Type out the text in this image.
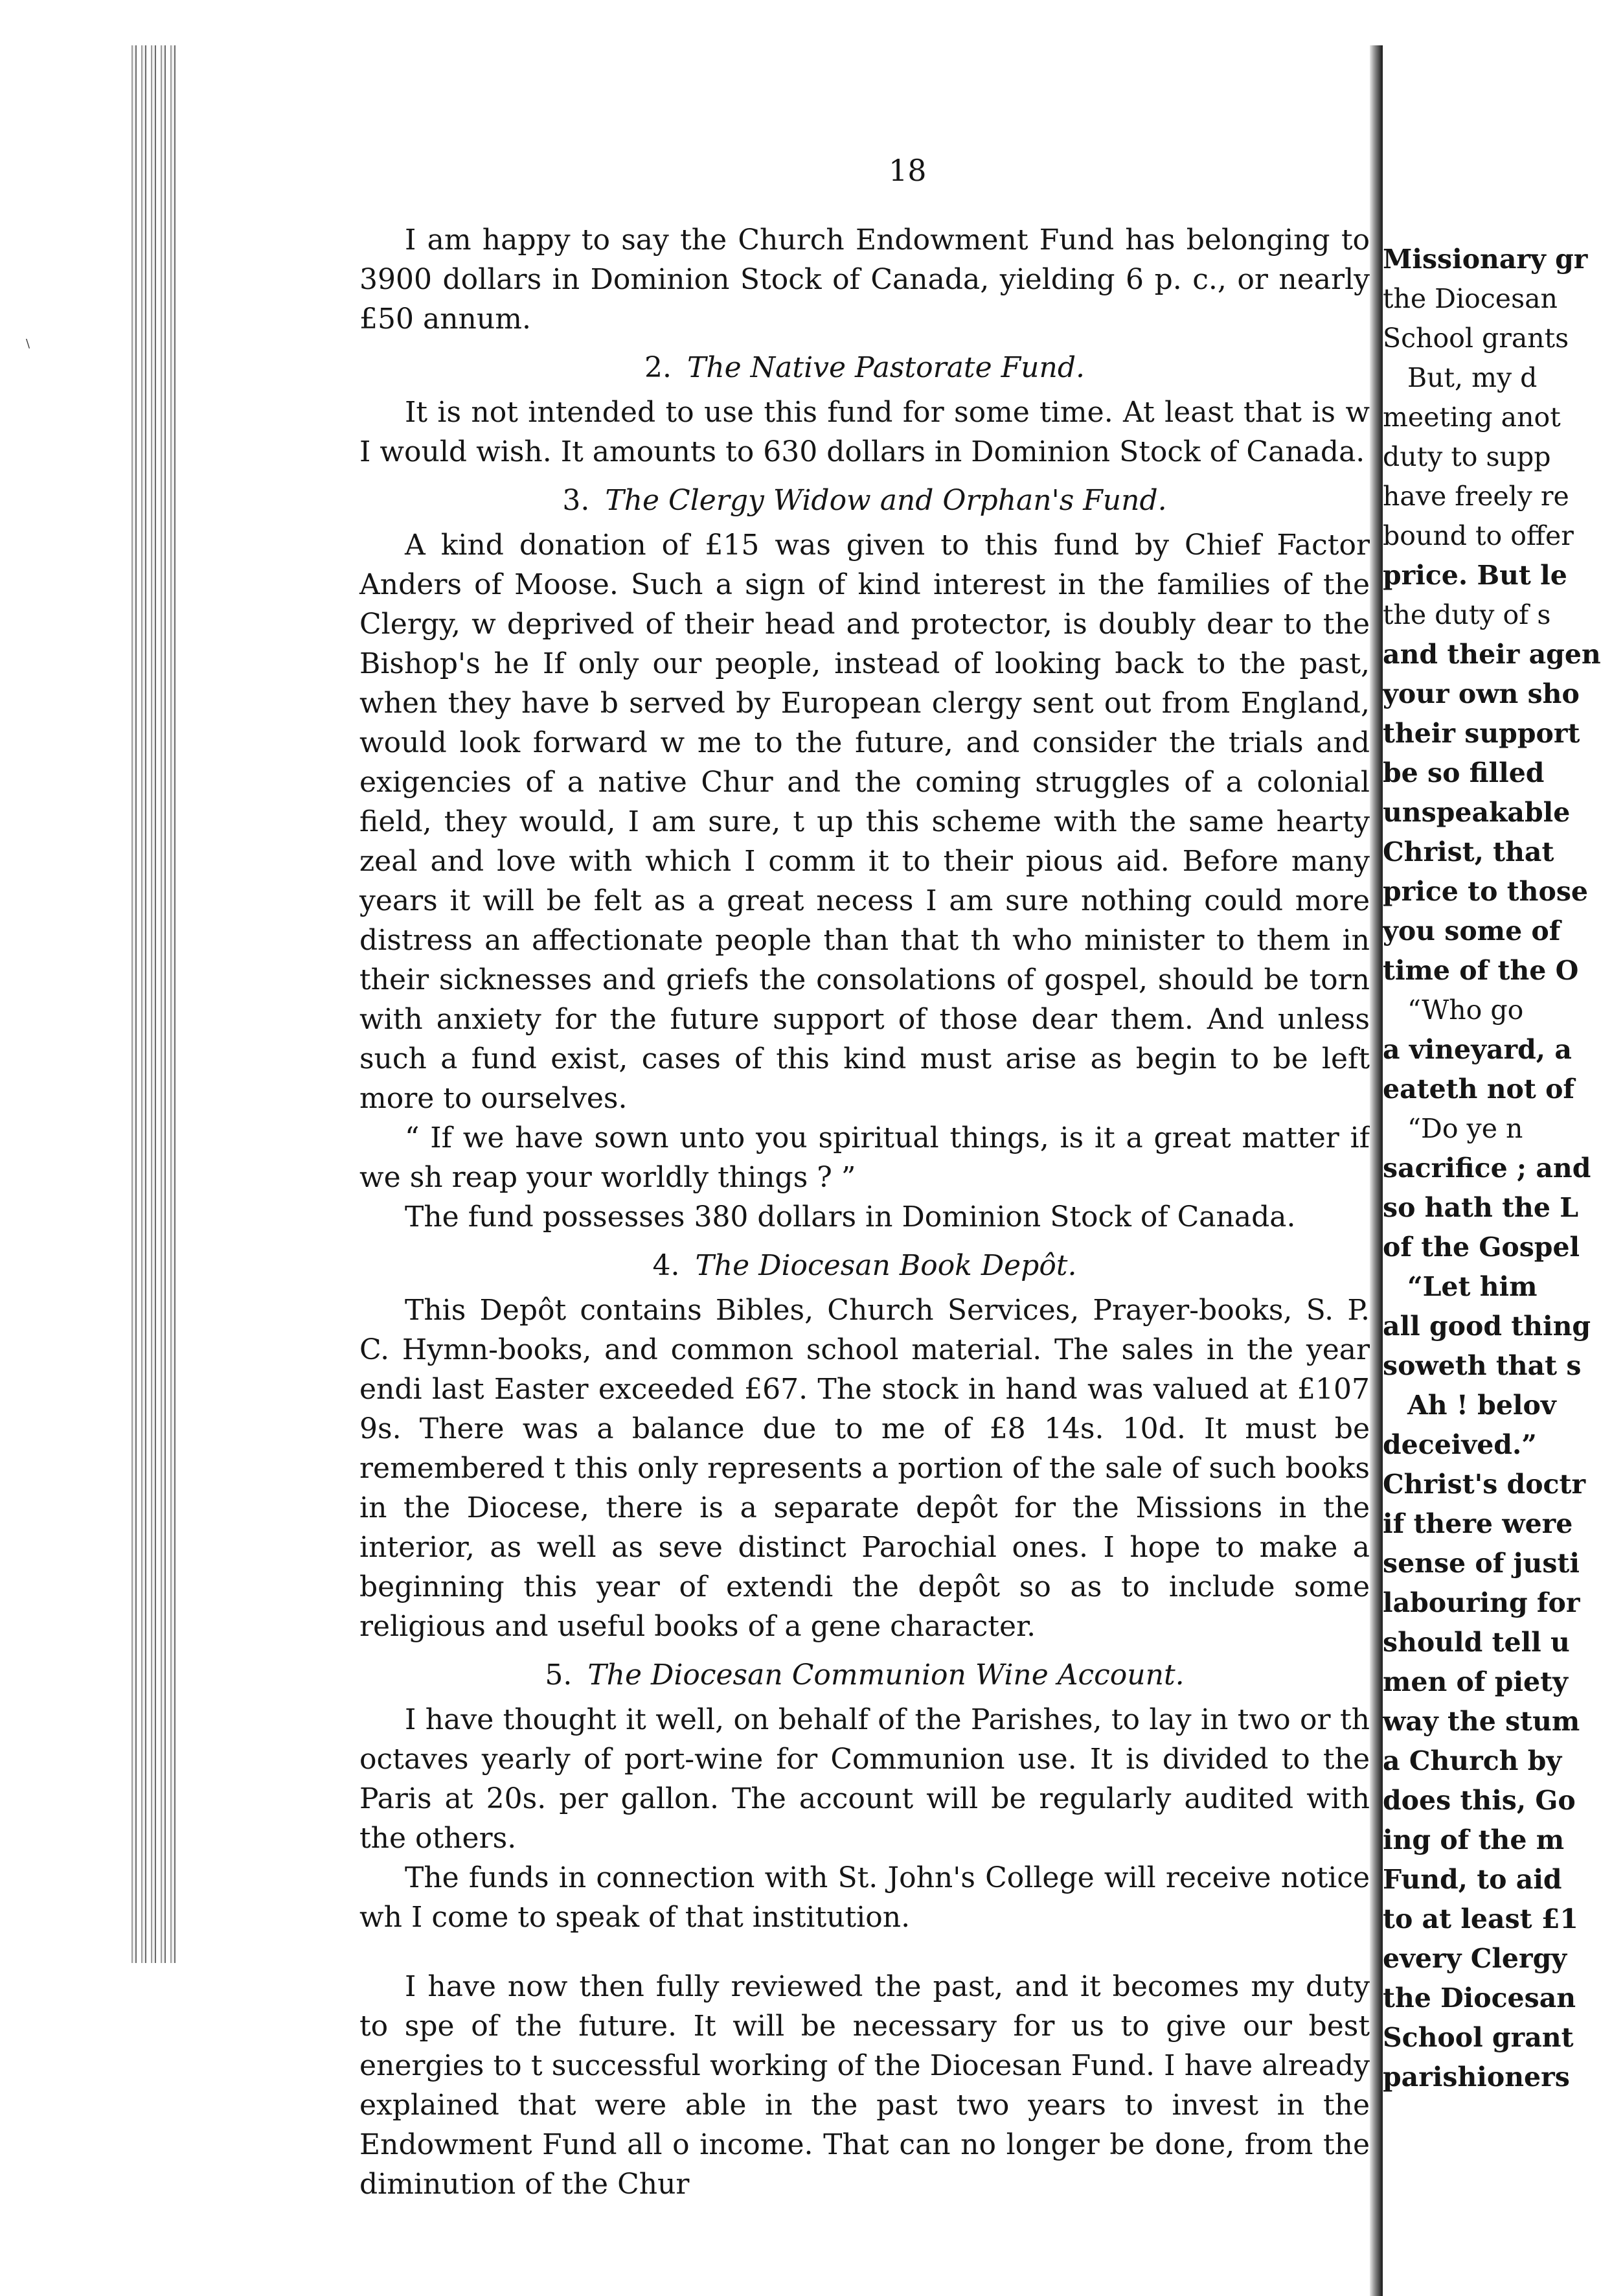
\
18

I am happy to say the Church Endowment Fund has belonging to 3900 dollars in Dominion Stock of Canada, yielding 6 p. c., or nearly £50 annum.

2. The Native Pastorate Fund.

It is not intended to use this fund for some time. At least that is w I would wish. It amounts to 630 dollars in Dominion Stock of Canada.

3. The Clergy Widow and Orphan's Fund.

A kind donation of £15 was given to this fund by Chief Factor Anders of Moose. Such a sign of kind interest in the families of the Clergy, w deprived of their head and protector, is doubly dear to the Bishop's he If only our people, instead of looking back to the past, when they have b served by European clergy sent out from England, would look forward w me to the future, and consider the trials and exigencies of a native Chur and the coming struggles of a colonial field, they would, I am sure, t up this scheme with the same hearty zeal and love with which I comm it to their pious aid. Before many years it will be felt as a great necess I am sure nothing could more distress an affectionate people than that th who minister to them in their sicknesses and griefs the consolations of gospel, should be torn with anxiety for the future support of those dear them. And unless such a fund exist, cases of this kind must arise as begin to be left more to ourselves.

“ If we have sown unto you spiritual things, is it a great matter if we sh reap your worldly things ? ”

The fund possesses 380 dollars in Dominion Stock of Canada.

4. The Diocesan Book Depôt.

This Depôt contains Bibles, Church Services, Prayer-books, S. P. C. Hymn-books, and common school material. The sales in the year endi last Easter exceeded £67. The stock in hand was valued at £107 9s. There was a balance due to me of £8 14s. 10d. It must be remembered t this only represents a portion of the sale of such books in the Diocese, there is a separate depôt for the Missions in the interior, as well as seve distinct Parochial ones. I hope to make a beginning this year of extendi the depôt so as to include some religious and useful books of a gene character.

5. The Diocesan Communion Wine Account.

I have thought it well, on behalf of the Parishes, to lay in two or th octaves yearly of port-wine for Communion use. It is divided to the Paris at 20s. per gallon. The account will be regularly audited with the others.

The funds in connection with St. John's College will receive notice wh I come to speak of that institution.

I have now then fully reviewed the past, and it becomes my duty to spe of the future. It will be necessary for us to give our best energies to t successful working of the Diocesan Fund. I have already explained that were able in the past two years to invest in the Endowment Fund all o income. That can no longer be done, from the diminution of the Chur

Missionary gr
the Diocesan
School grants
But, my d
meeting anot
duty to supp
have freely re
bound to offer
price. But le
the duty of s
and their agen
your own sho
their support
be so filled
unspeakable
Christ, that
price to those
you some of
time of the O
“Who go
a vineyard, a
eateth not of
“Do ye n
sacrifice ; and
so hath the L
of the Gospel
“Let him
all good thing
soweth that s
Ah ! belov
deceived.”
Christ's doctr
if there were
sense of justi
labouring for
should tell u
men of piety
way the stum
a Church by
does this, Go
ing of the m
Fund, to aid
to at least £1
every Clergy
the Diocesan
School grant
parishioners
